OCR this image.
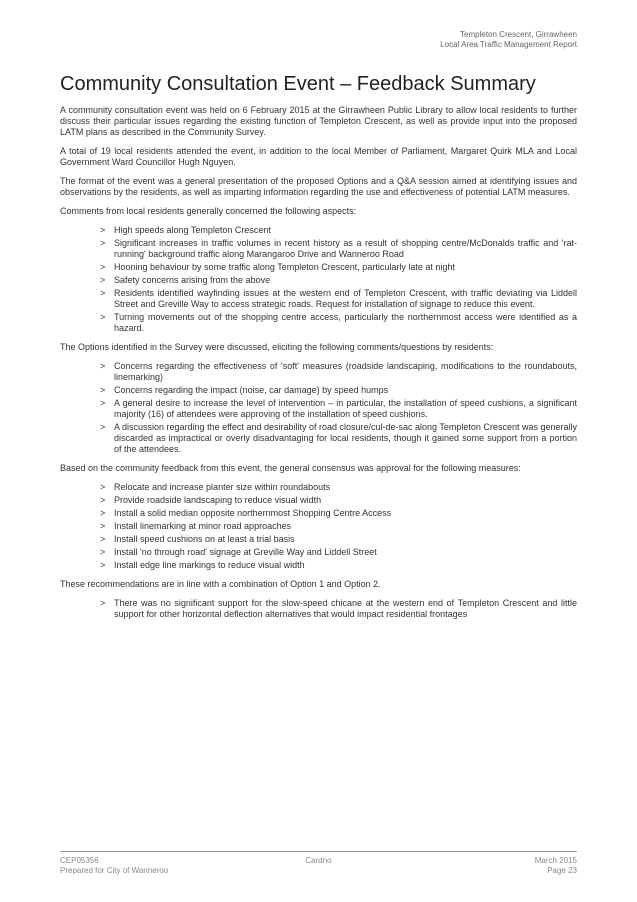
Templeton Crescent, Girrawheen
Local Area Traffic Management Report
Community Consultation Event – Feedback Summary

A community consultation event was held on 6 February 2015 at the Girrawheen Public Library to allow local residents to further discuss their particular issues regarding the existing function of Templeton Crescent, as well as provide input into the proposed LATM plans as described in the Community Survey.

A total of 19 local residents attended the event, in addition to the local Member of Parliament, Margaret Quirk MLA and Local Government Ward Councillor Hugh Nguyen.

The format of the event was a general presentation of the proposed Options and a Q&A session aimed at identifying issues and observations by the residents, as well as imparting information regarding the use and effectiveness of potential LATM measures.

Comments from local residents generally concerned the following aspects:

> High speeds along Templeton Crescent
> Significant increases in traffic volumes in recent history as a result of shopping centre/McDonalds traffic and 'rat-running' background traffic along Marangaroo Drive and Wanneroo Road
> Hooning behaviour by some traffic along Templeton Crescent, particularly late at night
> Safety concerns arising from the above
> Residents identified wayfinding issues at the western end of Templeton Crescent, with traffic deviating via Liddell Street and Greville Way to access strategic roads. Request for installation of signage to reduce this event.
> Turning movements out of the shopping centre access, particularly the northernmost access were identified as a hazard.

The Options identified in the Survey were discussed, eliciting the following comments/questions by residents:

> Concerns regarding the effectiveness of 'soft' measures (roadside landscaping, modifications to the roundabouts, linemarking)
> Concerns regarding the impact (noise, car damage) by speed humps
> A general desire to increase the level of intervention – in particular, the installation of speed cushions, a significant majority (16) of attendees were approving of the installation of speed cushions.
> A discussion regarding the effect and desirability of road closure/cul-de-sac along Templeton Crescent was generally discarded as impractical or overly disadvantaging for local residents, though it gained some support from a portion of the attendees.

Based on the community feedback from this event, the general consensus was approval for the following measures:

> Relocate and increase planter size within roundabouts
> Provide roadside landscaping to reduce visual width
> Install a solid median opposite northernmost Shopping Centre Access
> Install linemarking at minor road approaches
> Install speed cushions on at least a trial basis
> Install 'no through road' signage at Greville Way and Liddell Street
> Install edge line markings to reduce visual width

These recommendations are in line with a combination of Option 1 and Option 2.

> There was no significant support for the slow-speed chicane at the western end of Templeton Crescent and little support for other horizontal deflection alternatives that would impact residential frontages
CEP05356
Prepared for City of Wanneroo
Cardno	March 2015
Page 23
